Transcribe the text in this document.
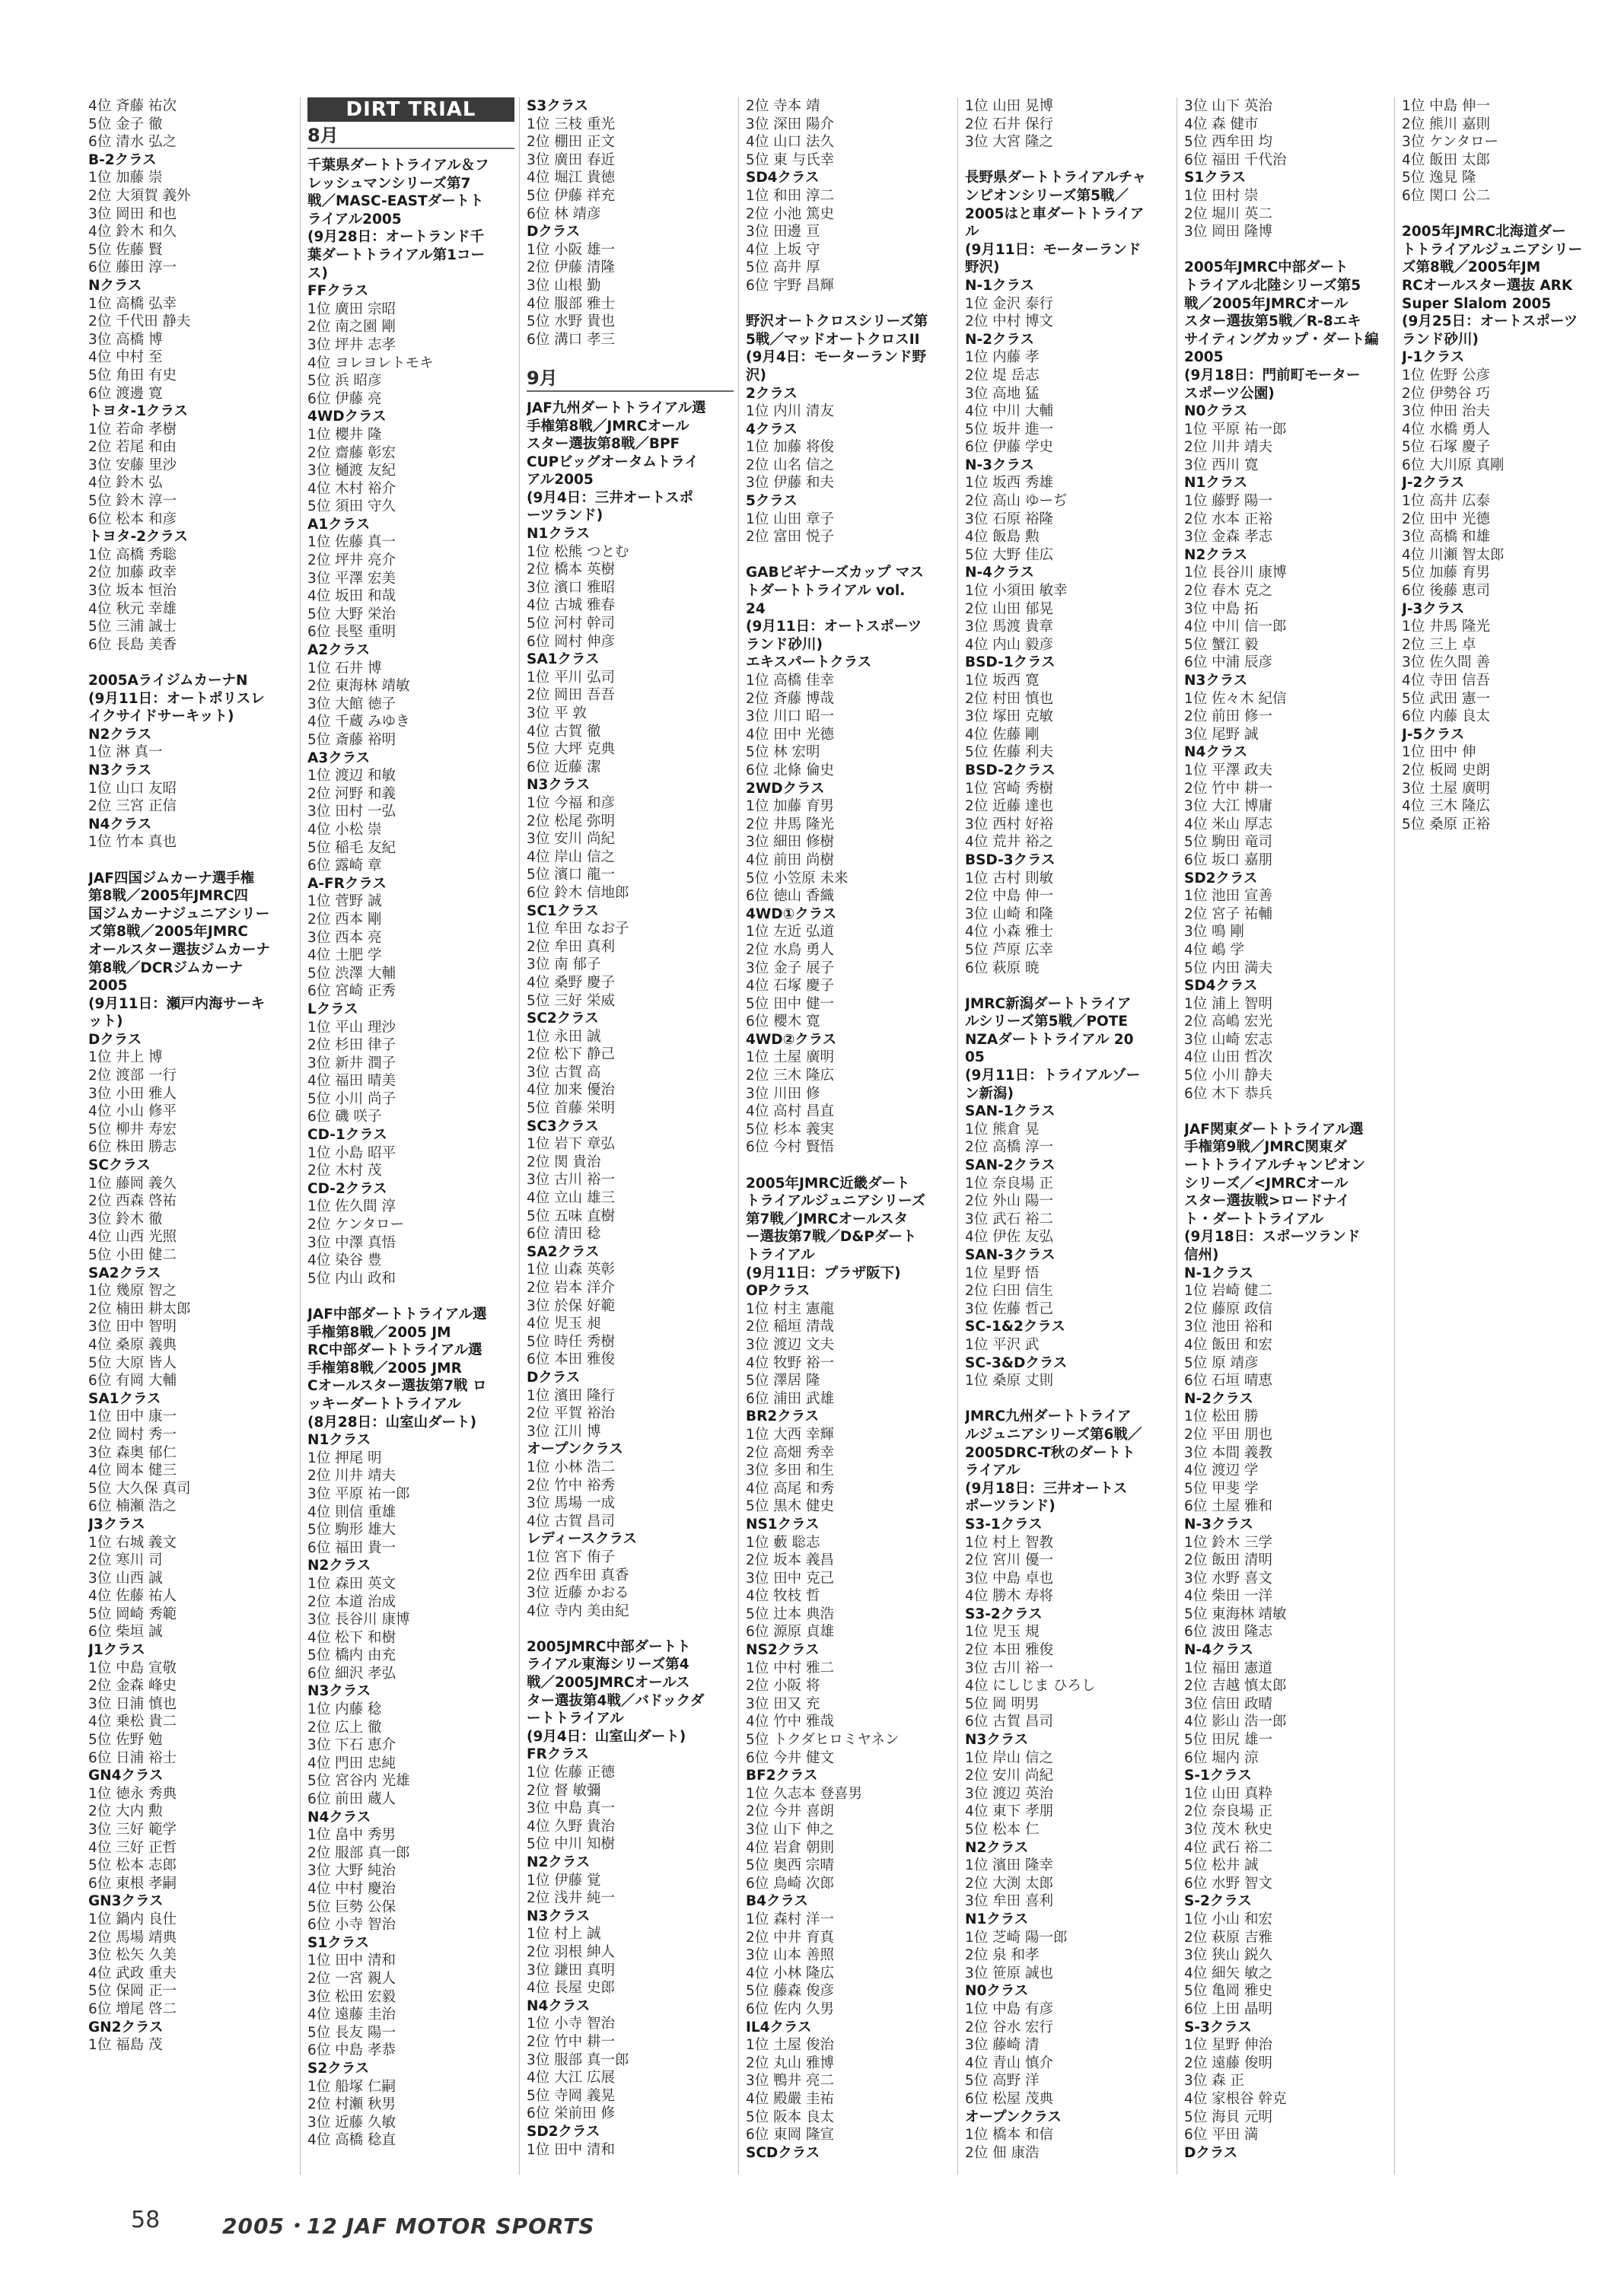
4位 斉藤 祐次
5位 金子 徹
6位 清水 弘之
B-2クラス
1位 加藤 崇
2位 大須賀 義外
3位 岡田 和也
4位 鈴木 和久
5位 佐藤 賢
6位 藤田 淳一
Nクラス
1位 高橋 弘幸
2位 千代田 静夫
3位 高橋 博
4位 中村 至
5位 角田 有史
6位 渡邊 寛
トヨタ-1クラス
1位 若命 孝樹
2位 若尾 和由
3位 安藤 里沙
4位 鈴木 弘
5位 鈴木 淳一
6位 松本 和彦
トヨタ-2クラス
1位 高橋 秀聡
2位 加藤 政幸
3位 坂本 恒治
4位 秋元 幸雄
5位 三浦 誠士
6位 長島 美香
2005AライジムカーナN
(9月11日：オートポリスレ
イクサイドサーキット)
N2クラス
1位 淋 真一
N3クラス
1位 山口 友昭
2位 三宮 正信
N4クラス
1位 竹本 真也
JAF四国ジムカーナ選手権
第8戦／2005年JMRC四
国ジムカーナジュニアシリー
ズ第8戦／2005年JMRC
オールスター選抜ジムカーナ
第8戦／DCRジムカーナ
2005
(9月11日：瀬戸内海サーキ
ット)
Dクラス
1位 井上 博
2位 渡部 一行
3位 小田 雅人
4位 小山 修平
5位 柳井 寿宏
6位 株田 勝志
SCクラス
1位 藤岡 義久
2位 西森 啓祐
3位 鈴木 徹
4位 山西 光照
5位 小田 健二
SA2クラス
1位 幾原 智之
2位 楠田 耕太郎
3位 田中 智明
4位 桑原 義典
5位 大原 皆人
6位 有岡 大輔
SA1クラス
1位 田中 康一
2位 岡村 秀一
3位 森奥 郁仁
4位 岡本 健三
5位 大久保 真司
6位 楠瀬 浩之
J3クラス
1位 右城 義文
2位 寒川 司
3位 山西 誠
4位 佐藤 祐人
5位 岡崎 秀範
6位 柴垣 誠
J1クラス
1位 中島 宣敬
2位 金森 峰史
3位 日浦 慎也
4位 乗松 貴二
5位 佐野 勉
6位 日浦 裕士
GN4クラス
1位 徳永 秀典
2位 大内 勲
3位 三好 範学
4位 三好 正哲
5位 松本 志郎
6位 東根 孝嗣
GN3クラス
1位 鍋内 良仕
2位 馬場 靖典
3位 松矢 久美
4位 武政 重夫
5位 保岡 正一
6位 増尾 啓二
GN2クラス
1位 福島 茂
DIRT TRIAL
8月
千葉県ダートトライアル＆フ
レッシュマンシリーズ第7
戦／MASC-EASTダートト
ライアル2005
(9月28日：オートランド千
葉ダートトライアル第1コー
ス)
FFクラス
1位 廣田 宗昭
2位 南之園 剛
3位 坪井 志孝
4位 ヨレヨレトモキ
5位 浜 昭彦
6位 伊藤 亮
4WDクラス
1位 櫻井 隆
2位 齋藤 彰宏
3位 樋渡 友紀
4位 木村 裕介
5位 須田 守久
A1クラス
1位 佐藤 真一
2位 坪井 亮介
3位 平澤 宏美
4位 坂田 和哉
5位 大野 栄治
6位 長堅 重明
A2クラス
1位 石井 博
2位 東海林 靖敏
3位 大館 徳子
4位 千蔵 みゆき
5位 斎藤 裕明
A3クラス
1位 渡辺 和敏
2位 河野 和義
3位 田村 一弘
4位 小松 崇
5位 稲毛 友紀
6位 露崎 章
A-FRクラス
1位 菅野 誠
2位 西本 剛
3位 西本 亮
4位 土肥 学
5位 渋澤 大輔
6位 宮崎 正秀
Lクラス
1位 平山 理沙
2位 杉田 律子
3位 新井 潤子
4位 福田 晴美
5位 小川 尚子
6位 磯 咲子
CD-1クラス
1位 小島 昭平
2位 木村 茂
CD-2クラス
1位 佐久間 淳
2位 ケンタロー
3位 中澤 真悟
4位 染谷 豊
5位 内山 政和
JAF中部ダートトライアル選
手権第8戦／2005 JM
RC中部ダートトライアル選
手権第8戦／2005 JMR
Cオールスター選抜第7戦 ロ
ッキーダートトライアル
(8月28日：山室山ダート)
N1クラス
1位 押尾 明
2位 川井 靖夫
3位 平原 祐一郎
4位 則信 重雄
5位 駒形 雄大
6位 福田 貴一
N2クラス
1位 森田 英文
2位 本道 治成
3位 長谷川 康博
4位 松下 和樹
5位 橋内 由充
6位 細沢 孝弘
N3クラス
1位 内藤 稔
2位 広上 徹
3位 下石 恵介
4位 門田 忠純
5位 宮谷内 光雄
6位 前田 蔵人
N4クラス
1位 畠中 秀男
2位 服部 真一郎
3位 大野 純治
4位 中村 慶治
5位 巨勢 公保
6位 小寺 智治
S1クラス
1位 田中 清和
2位 一宮 親人
3位 松田 宏毅
4位 遠藤 圭治
5位 長友 陽一
6位 中島 孝恭
S2クラス
1位 船塚 仁嗣
2位 村瀬 秋男
3位 近藤 久敏
4位 高橋 稔直
S3クラス
1位 三枝 重光
2位 棚田 正文
3位 廣田 春近
4位 堀江 貴徳
5位 伊藤 祥充
6位 林 靖彦
Dクラス
1位 小阪 雄一
2位 伊藤 清隆
3位 山根 勤
4位 服部 雅士
5位 水野 貴也
6位 溝口 孝三
9月
JAF九州ダートトライアル選
手権第8戦／JMRCオール
スター選抜第8戦／BPF
CUPビッグオータムトライ
アル2005
(9月4日：三井オートスポ
ーツランド)
N1クラス
1位 松熊 つとむ
2位 橋本 英樹
3位 濱口 雅昭
4位 古城 雅春
5位 河村 幹司
6位 岡村 伸彦
SA1クラス
1位 平川 弘司
2位 岡田 吾吾
3位 平 敦
4位 古賀 徹
5位 大坪 克典
6位 近藤 潔
N3クラス
1位 今福 和彦
2位 松尾 弥明
3位 安川 尚紀
4位 岸山 信之
5位 濱口 龍一
6位 鈴木 信地郎
SC1クラス
1位 牟田 なお子
2位 牟田 真利
3位 南 郁子
4位 桑野 慶子
5位 三好 栄威
SC2クラス
1位 永田 誠
2位 松下 静己
3位 古賀 高
4位 加来 優治
5位 首藤 栄明
SC3クラス
1位 岩下 章弘
2位 関 貴治
3位 古川 裕一
4位 立山 雄三
5位 五味 直樹
6位 清田 稔
SA2クラス
1位 山森 英彰
2位 岩本 洋介
3位 於保 好範
4位 児玉 昶
5位 時任 秀樹
6位 本田 雅俊
Dクラス
1位 濱田 隆行
2位 平賀 裕治
3位 江川 博
オープンクラス
1位 小林 浩二
2位 竹中 裕秀
3位 馬場 一成
4位 古賀 昌司
レディースクラス
1位 宮下 侑子
2位 西牟田 真香
3位 近藤 かおる
4位 寺内 美由紀
2005JMRC中部ダートト
ライアル東海シリーズ第4
戦／2005JMRCオールス
ター選抜第4戦／バドックダ
ートトライアル
(9月4日：山室山ダート)
FRクラス
1位 佐藤 正德
2位 督 敏彌
3位 中島 真一
4位 久野 貴治
5位 中川 知樹
N2クラス
1位 伊藤 覚
2位 浅井 純一
N3クラス
1位 村上 誠
2位 羽根 紳人
3位 鎌田 真明
4位 長屋 史郎
N4クラス
1位 小寺 智治
2位 竹中 耕一
3位 服部 真一郎
4位 大江 広展
5位 寺岡 義晃
6位 栄前田 修
SD2クラス
1位 田中 清和
2位 寺本 靖
3位 深田 陽介
4位 山口 法久
5位 東 与氏幸
SD4クラス
1位 和田 淳二
2位 小池 篤史
3位 田邊 亘
4位 上坂 守
5位 高井 厚
6位 宇野 昌輝
野沢オートクロスシリーズ第
5戦／マッドオートクロスII
(9月4日：モーターランド野
沢)
2クラス
1位 内川 清友
4クラス
1位 加藤 将俊
2位 山名 信之
3位 伊藤 和夫
5クラス
1位 山田 章子
2位 富田 悦子
GABビギナーズカップ マス
トダートトライアル vol.
24
(9月11日：オートスポーツ
ランド砂川)
エキスパートクラス
1位 高橋 佳幸
2位 斉藤 博哉
3位 川口 昭一
4位 田中 光德
5位 林 宏明
6位 北條 倫史
2WDクラス
1位 加藤 育男
2位 井馬 隆光
3位 細田 修樹
4位 前田 尚樹
5位 小笠原 未来
6位 徳山 香織
4WD①クラス
1位 左近 弘道
2位 水鳥 勇人
3位 金子 展子
4位 石塚 慶子
5位 田中 健一
6位 櫻木 寛
4WD②クラス
1位 土屋 廣明
2位 三木 隆広
3位 川田 修
4位 高村 昌直
5位 杉本 義実
6位 今村 賢悟
2005年JMRC近畿ダート
トライアルジュニアシリーズ
第7戦／JMRCオールスタ
ー選抜第7戦／D&Pダート
トライアル
(9月11日：プラザ阪下)
OPクラス
1位 村主 憲龍
2位 稲垣 清哉
3位 渡辺 文夫
4位 牧野 裕一
5位 澤居 隆
6位 浦田 武雄
BR2クラス
1位 大西 幸輝
2位 高畑 秀幸
3位 多田 和生
4位 高尾 和秀
5位 黒木 健史
NS1クラス
1位 藪 聡志
2位 坂本 義昌
3位 田中 克己
4位 牧枝 哲
5位 辻本 典浩
6位 源原 貞雄
NS2クラス
1位 中村 雅二
2位 小阪 将
3位 田又 充
4位 竹中 雅哉
5位 トクダヒロミヤネン
6位 今井 健文
BF2クラス
1位 久志本 登喜男
2位 今井 喜朗
3位 山下 伸之
4位 岩倉 朝則
5位 奥西 宗晴
6位 鳥崎 次郎
B4クラス
1位 森村 洋一
2位 中井 育真
3位 山本 善照
4位 小林 隆広
5位 藤森 俊彦
6位 佐内 久男
IL4クラス
1位 土屋 俊治
2位 丸山 雅博
3位 鴨井 亮二
4位 殿嚴 圭祐
5位 阪本 良太
6位 東岡 隆宣
SCDクラス
1位 山田 晃博
2位 石井 保行
3位 大宮 隆之
長野県ダートトライアルチャ
ンピオンシリーズ第5戦／
2005はと車ダートトライア
ル
(9月11日：モーターランド
野沢)
N-1クラス
1位 金沢 泰行
2位 中村 博文
N-2クラス
1位 内藤 孝
2位 堤 岳志
3位 高地 猛
4位 中川 大輔
5位 坂井 進一
6位 伊藤 学史
N-3クラス
1位 坂西 秀雄
2位 高山 ゆーぢ
3位 石原 裕隆
4位 飯島 勲
5位 大野 佳広
N-4クラス
1位 小須田 敏幸
2位 山田 郁晃
3位 馬渡 貴章
4位 内山 毅彦
BSD-1クラス
1位 坂西 寛
2位 村田 慎也
3位 塚田 克敏
4位 佐藤 剛
5位 佐藤 利夫
BSD-2クラス
1位 宮崎 秀樹
2位 近藤 達也
3位 西村 好裕
4位 荒井 裕之
BSD-3クラス
1位 古村 則敏
2位 中島 伸一
3位 山崎 和隆
4位 小森 雅士
5位 芦原 広幸
6位 萩原 暁
JMRC新潟ダートトライア
ルシリーズ第5戦／POTE
NZAダートトライアル 20
05
(9月11日：トライアルゾー
ン新潟)
SAN-1クラス
1位 熊倉 晃
2位 高橋 淳一
SAN-2クラス
1位 奈良場 正
2位 外山 陽一
3位 武石 裕二
4位 伊佐 友弘
SAN-3クラス
1位 星野 悟
2位 臼田 信生
3位 佐藤 哲己
SC-1&2クラス
1位 平沢 武
SC-3&Dクラス
1位 桑原 丈則
JMRC九州ダートトライア
ルジュニアシリーズ第6戦／
2005DRC-T秋のダートト
ライアル
(9月18日：三井オートス
ポーツランド)
S3-1クラス
1位 村上 智教
2位 宮川 優一
3位 中島 卓也
4位 勝木 寿将
S3-2クラス
1位 児玉 規
2位 本田 雅俊
3位 古川 裕一
4位 にしじま ひろし
5位 岡 明男
6位 古賀 昌司
N3クラス
1位 岸山 信之
2位 安川 尚紀
3位 渡辺 英治
4位 東下 孝朋
5位 松本 仁
N2クラス
1位 濱田 隆幸
2位 大渕 太郎
3位 牟田 喜利
N1クラス
1位 芝崎 陽一郎
2位 泉 和孝
3位 笹原 誠也
N0クラス
1位 中島 有彦
2位 谷水 宏行
3位 藤崎 清
4位 青山 慎介
5位 高野 洋
6位 松屋 茂典
オープンクラス
1位 橋本 和信
2位 佃 康浩
3位 山下 英治
4位 森 健市
5位 西牟田 均
6位 福田 千代治
S1クラス
1位 田村 崇
2位 堀川 英二
3位 岡田 隆博
2005年JMRC中部ダート
トライアル北陸シリーズ第5
戦／2005年JMRCオール
スター選抜第5戦／R-8エキ
サイティングカップ・ダート編
2005
(9月18日：門前町モーター
スポーツ公園)
N0クラス
1位 平原 祐一郎
2位 川井 靖夫
3位 西川 寛
N1クラス
1位 藤野 陽一
2位 水本 正裕
3位 金森 孝志
N2クラス
1位 長谷川 康博
2位 春木 克之
3位 中島 拓
4位 中川 信一郎
5位 蟹江 毅
6位 中浦 辰彦
N3クラス
1位 佐々木 紀信
2位 前田 修一
3位 尾野 誠
N4クラス
1位 平澤 政夫
2位 竹中 耕一
3位 大江 博庸
4位 米山 厚志
5位 駒田 竜司
6位 坂口 嘉朋
SD2クラス
1位 池田 宣善
2位 宮子 祐輔
3位 鳴 剛
4位 嶋 学
5位 内田 満夫
SD4クラス
1位 浦上 智明
2位 高嶋 宏光
3位 山崎 宏志
4位 山田 哲次
5位 小川 静夫
6位 木下 恭兵
JAF関東ダートトライアル選
手権第9戦／JMRC関東ダ
ートトライアルチャンピオン
シリーズ／<JMRCオール
スター選抜戦>ロードナイ
ト・ダートトライアル
(9月18日：スポーツランド
信州)
N-1クラス
1位 岩崎 健二
2位 藤原 政信
3位 池田 裕和
4位 飯田 和宏
5位 原 靖彦
6位 石垣 晴恵
N-2クラス
1位 松田 勝
2位 平田 朋也
3位 本間 義教
4位 渡辺 学
5位 甲斐 学
6位 土屋 雅和
N-3クラス
1位 鈴木 三学
2位 飯田 清明
3位 水野 喜文
4位 柴田 一洋
5位 東海林 靖敏
6位 波田 隆志
N-4クラス
1位 福田 憲道
2位 吉越 慎太郎
3位 信田 政晴
4位 影山 浩一郎
5位 田尻 雄一
6位 堀内 涼
S-1クラス
1位 山田 真粋
2位 奈良場 正
3位 茂木 秋史
4位 武石 裕二
5位 松井 誠
6位 水野 智文
S-2クラス
1位 小山 和宏
2位 萩原 吉雅
3位 狭山 鋭久
4位 細矢 敏之
5位 亀岡 雅史
6位 上田 晶明
S-3クラス
1位 星野 伸治
2位 遠藤 俊明
3位 森 正
4位 家根谷 幹克
5位 海貝 元明
6位 平田 満
Dクラス
1位 中島 伸一
2位 熊川 嘉則
3位 ケンタロー
4位 飯田 太郎
5位 逸見 隆
6位 関口 公二
2005年JMRC北海道ダー
トトライアルジュニアシリー
ズ第8戦／2005年JM
RCオールスター選抜 ARK
Super Slalom 2005
(9月25日：オートスポーツ
ランド砂川)
J-1クラス
1位 佐野 公彦
2位 伊勢谷 巧
3位 仲田 治夫
4位 水橋 勇人
5位 石塚 慶子
6位 大川原 真剛
J-2クラス
1位 高井 広泰
2位 田中 光德
3位 高橋 和雄
4位 川瀬 智太郎
5位 加藤 育男
6位 後藤 恵司
J-3クラス
1位 井馬 隆光
2位 三上 卓
3位 佐久間 善
4位 寺田 信吾
5位 武田 憲一
6位 内藤 良太
J-5クラス
1位 田中 伸
2位 板岡 史朗
3位 土屋 廣明
4位 三木 隆広
5位 桑原 正裕
58	2005・12 JAF MOTOR SPORTS
